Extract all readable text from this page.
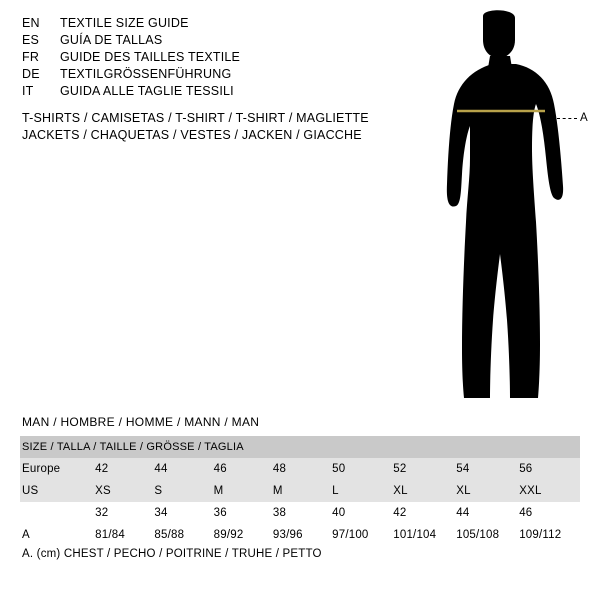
EN	TEXTILE SIZE GUIDE
ES	GUÍA DE TALLAS
FR	GUIDE DES TAILLES TEXTILE
DE	TEXTILGRÖSSENFÜHRUNG
IT	GUIDA ALLE TAGLIE TESSILI
T-SHIRTS / CAMISETAS / T-SHIRT / T-SHIRT / MAGLIETTE
JACKETS / CHAQUETAS / VESTES / JACKEN / GIACCHE
A
MAN / HOMBRE / HOMME / MANN / MAN
SIZE / TALLA / TAILLE / GRÖSSE / TAGLIA								
Europe	42	44	46	48	50	52	54	56
US	XS	S	M	M	L	XL	XL	XXL
	32	34	36	38	40	42	44	46
A	81/84	85/88	89/92	93/96	97/100	101/104	105/108	109/112
A. (cm) CHEST / PECHO / POITRINE / TRUHE / PETTO
